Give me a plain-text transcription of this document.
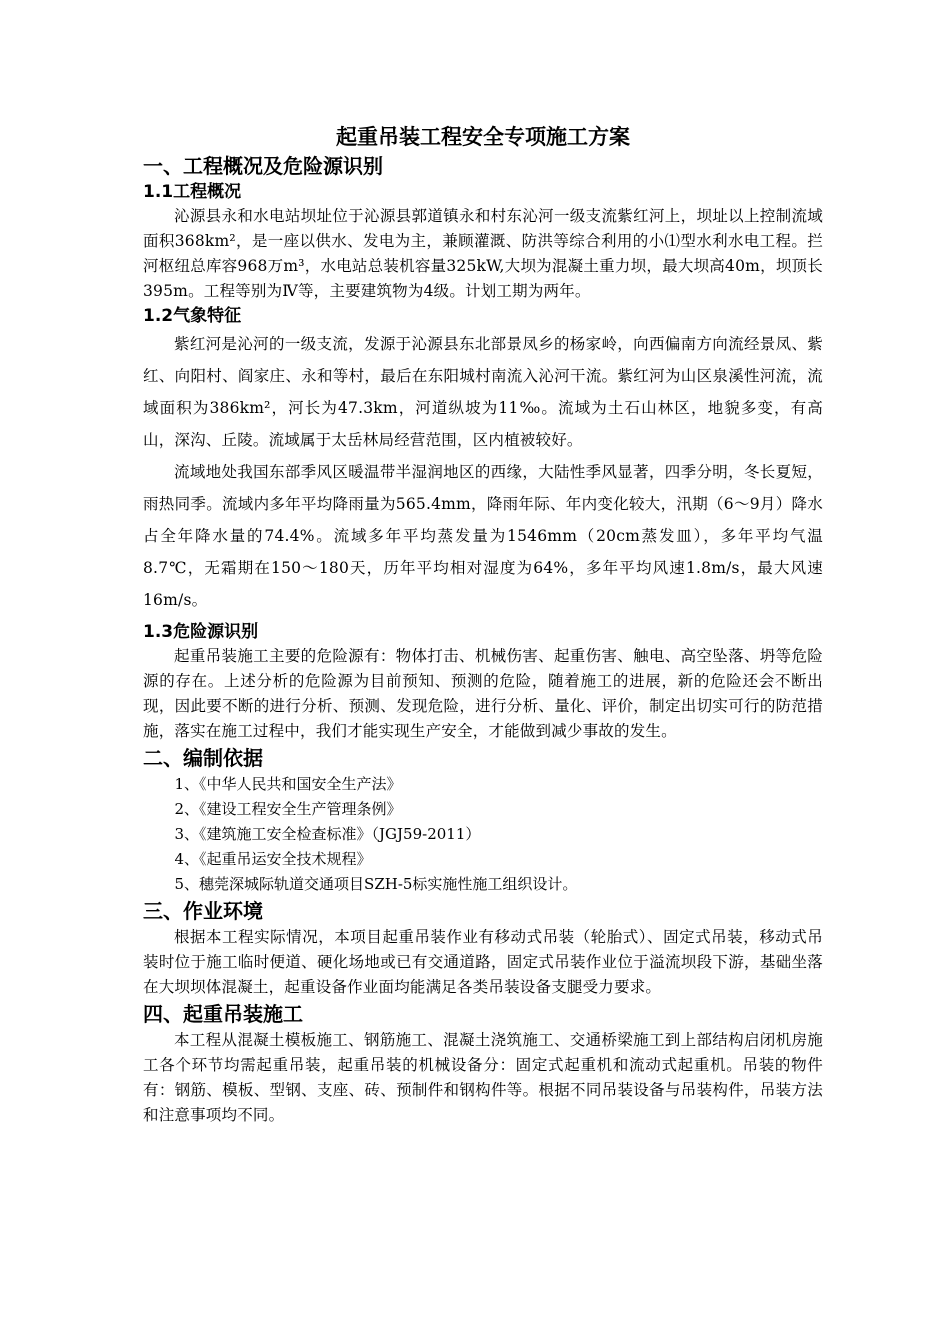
起重吊装工程安全专项施工方案
一、工程概况及危险源识别
1.1工程概况

沁源县永和水电站坝址位于沁源县郭道镇永和村东沁河一级支流紫红河上，坝址以上控制流域面积368km²，是一座以供水、发电为主，兼顾灌溉、防洪等综合利用的小⑴型水利水电工程。拦河枢纽总库容968万m³，水电站总装机容量325kW,大坝为混凝土重力坝，最大坝高40m，坝顶长395m。工程等别为Ⅳ等，主要建筑物为4级。计划工期为两年。

1.2气象特征

紫红河是沁河的一级支流，发源于沁源县东北部景凤乡的杨家岭，向西偏南方向流经景凤、紫红、向阳村、阎家庄、永和等村，最后在东阳城村南流入沁河干流。紫红河为山区泉溪性河流，流域面积为386km²，河长为47.3km，河道纵坡为11‰。流域为土石山林区，地貌多变，有高山，深沟、丘陵。流域属于太岳林局经营范围，区内植被较好。

流域地处我国东部季风区暖温带半湿润地区的西缘，大陆性季风显著，四季分明，冬长夏短，雨热同季。流域内多年平均降雨量为565.4mm，降雨年际、年内变化较大，汛期（6～9月）降水占全年降水量的74.4%。流域多年平均蒸发量为1546mm（20cm蒸发皿），多年平均气温8.7℃，无霜期在150～180天，历年平均相对湿度为64%，多年平均风速1.8m/s，最大风速16m/s。

1.3危险源识别

起重吊装施工主要的危险源有：物体打击、机械伤害、起重伤害、触电、高空坠落、坍等危险源的存在。上述分析的危险源为目前预知、预测的危险，随着施工的进展，新的危险还会不断出现，因此要不断的进行分析、预测、发现危险，进行分析、量化、评价，制定出切实可行的防范措施，落实在施工过程中，我们才能实现生产安全，才能做到减少事故的发生。

二、编制依据
1、《中华人民共和国安全生产法》
2、《建设工程安全生产管理条例》
3、《建筑施工安全检查标准》（JGJ59-2011）
4、《起重吊运安全技术规程》
5、穗莞深城际轨道交通项目SZH-5标实施性施工组织设计。
三、作业环境

根据本工程实际情况，本项目起重吊装作业有移动式吊装（轮胎式）、固定式吊装，移动式吊装时位于施工临时便道、硬化场地或已有交通道路，固定式吊装作业位于溢流坝段下游，基础坐落在大坝坝体混凝土，起重设备作业面均能满足各类吊装设备支腿受力要求。

四、起重吊装施工

本工程从混凝土模板施工、钢筋施工、混凝土浇筑施工、交通桥梁施工到上部结构启闭机房施工各个环节均需起重吊装，起重吊装的机械设备分：固定式起重机和流动式起重机。吊装的物件有：钢筋、模板、型钢、支座、砖、预制件和钢构件等。根据不同吊装设备与吊装构件，吊装方法和注意事项均不同。
